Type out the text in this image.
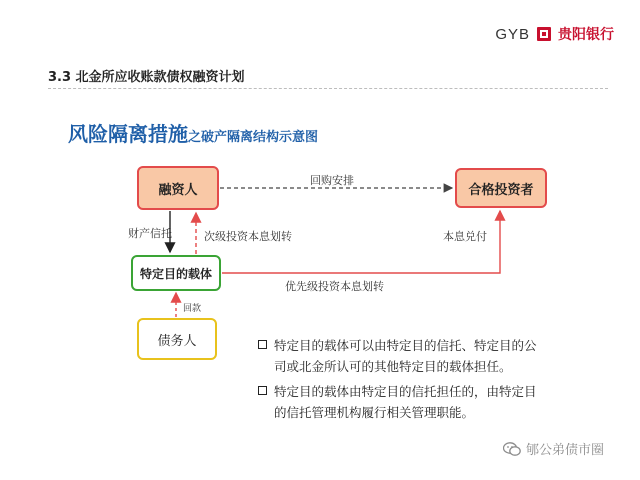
GYB 贵阳银行
3.3 北金所应收账款债权融资计划
风险隔离措施之破产隔离结构示意图
融资人	合格投资者
特定目的载体
债务人
回购安排
财产信托	次级投资本息划转	本息兑付
优先级投资本息划转
回款
特定目的载体可以由特定目的信托、特定目的公司或北金所认可的其他特定目的载体担任。
特定目的载体由特定目的信托担任的，由特定目的信托管理机构履行相关管理职能。
郇公弟债市圈
